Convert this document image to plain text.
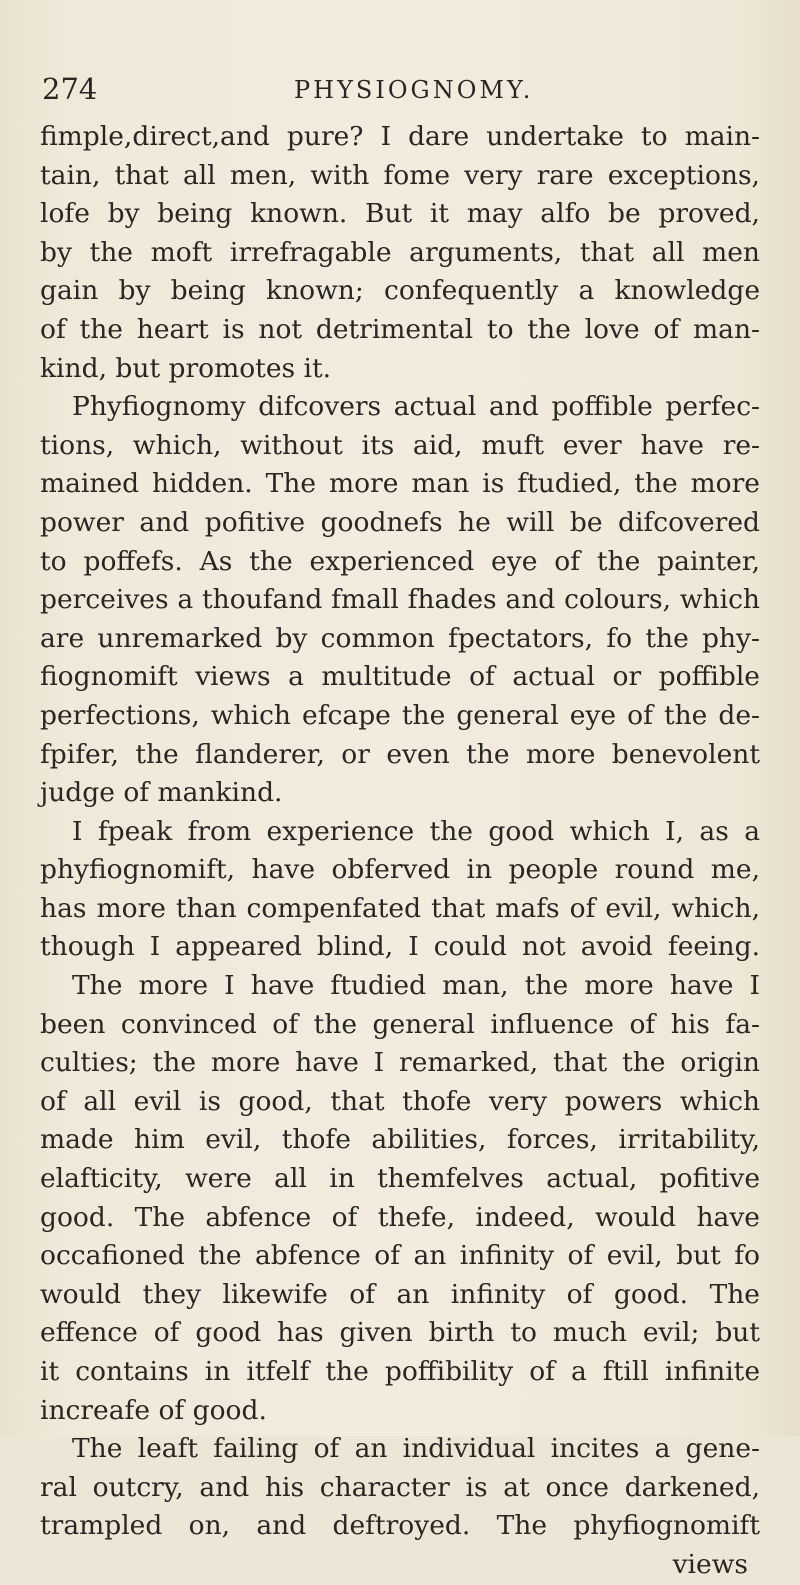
274	PHYSIOGNOMY.
fimple,direct,and pure? I dare undertake to main-
tain, that all men, with fome very rare exceptions,
lofe by being known. But it may alfo be proved,
by the moft irrefragable arguments, that all men
gain by being known; confequently a knowledge
of the heart is not detrimental to the love of man-
kind, but promotes it.
Phyfiognomy difcovers actual and poffible perfec-
tions, which, without its aid, muft ever have re-
mained hidden. The more man is ftudied, the more
power and pofitive goodnefs he will be difcovered
to poffefs. As the experienced eye of the painter,
perceives a thoufand fmall fhades and colours, which
are unremarked by common fpectators, fo the phy-
fiognomift views a multitude of actual or poffible
perfections, which efcape the general eye of the de-
fpifer, the flanderer, or even the more benevolent
judge of mankind.
I fpeak from experience the good which I, as a
phyfiognomift, have obferved in people round me,
has more than compenfated that mafs of evil, which,
though I appeared blind, I could not avoid feeing.
The more I have ftudied man, the more have I
been convinced of the general influence of his fa-
culties; the more have I remarked, that the origin
of all evil is good, that thofe very powers which
made him evil, thofe abilities, forces, irritability,
elafticity, were all in themfelves actual, pofitive
good. The abfence of thefe, indeed, would have
occafioned the abfence of an infinity of evil, but fo
would they likewife of an infinity of good. The
effence of good has given birth to much evil; but
it contains in itfelf the poffibility of a ftill infinite
increafe of good.
The leaft failing of an individual incites a gene-
ral outcry, and his character is at once darkened,
trampled on, and deftroyed. The phyfiognomift
views
